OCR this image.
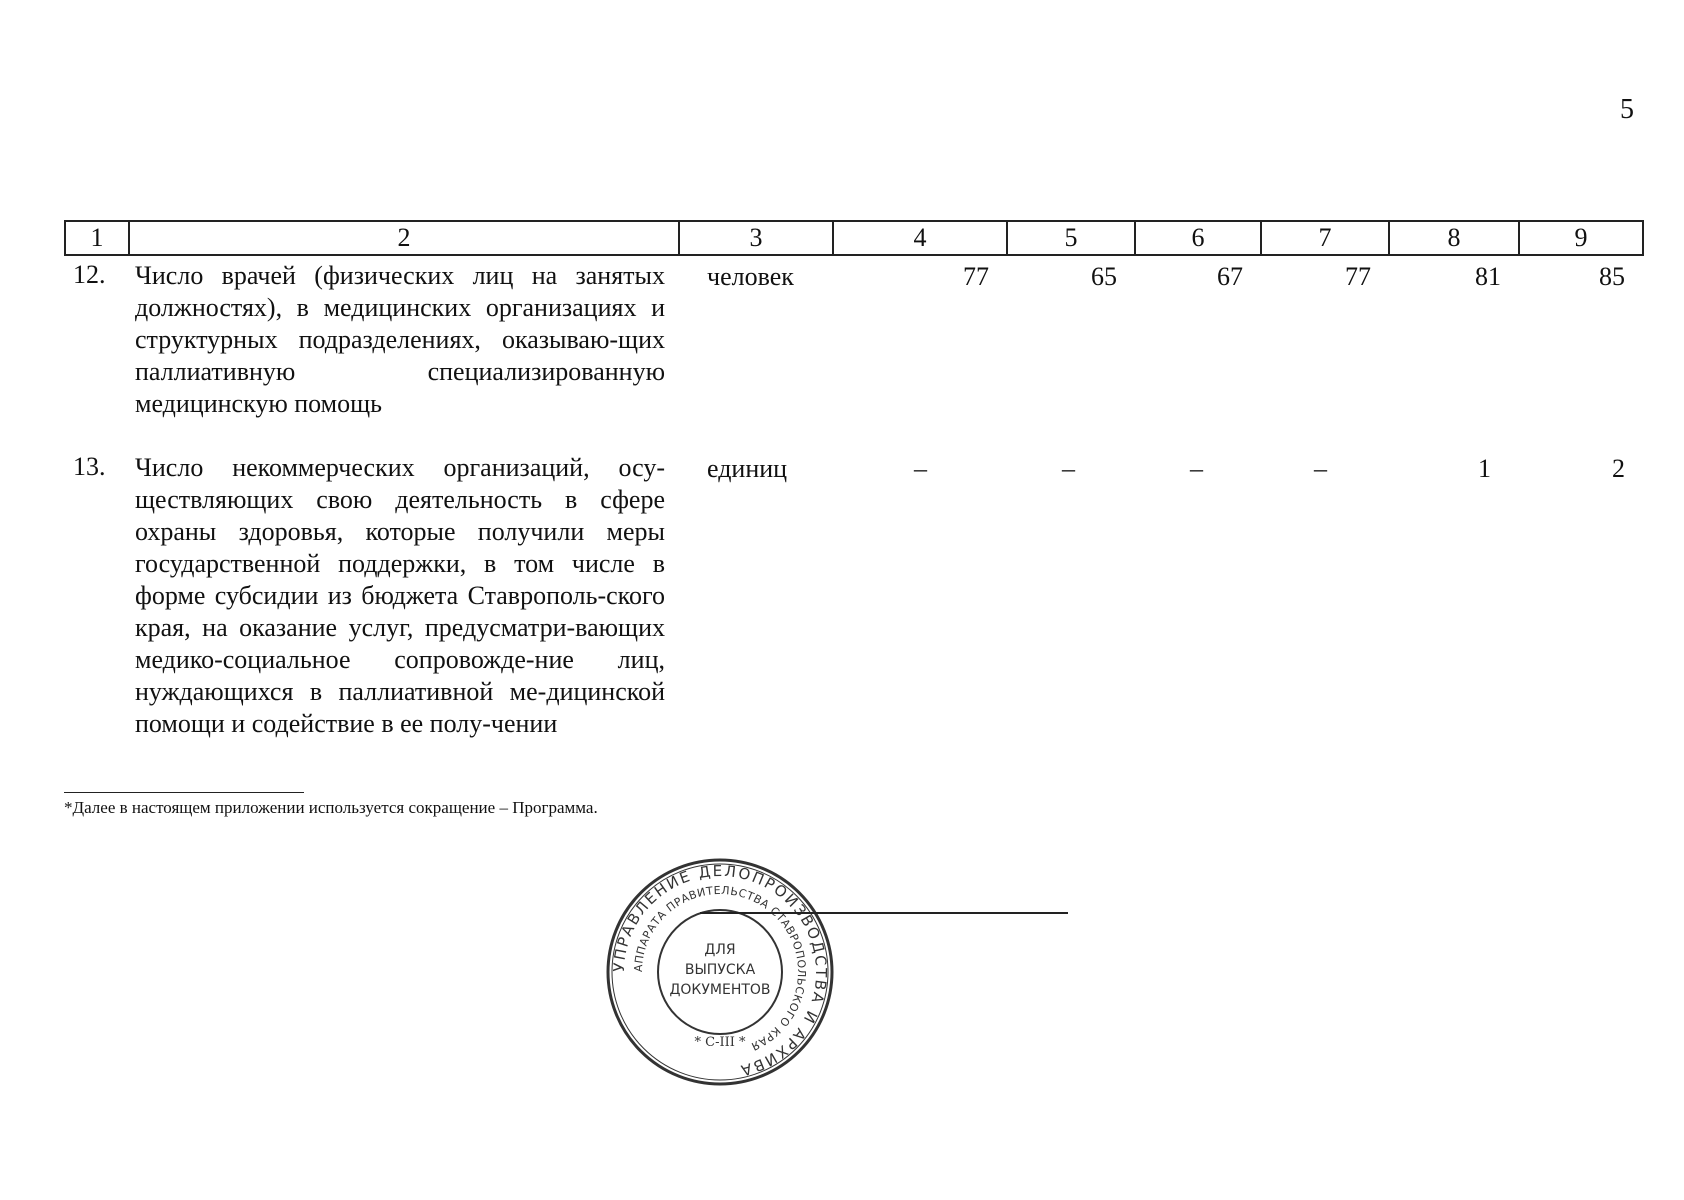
5
1	2	3	4	5	6	7	8	9
12.	Число врачей (физических лиц на занятых должностях), в медицинских организациях и структурных подразделениях, оказываю-щих паллиативную специализированную медицинскую помощь	человек	77	65	67	77	81	85
13.	Число некоммерческих организаций, осу-ществляющих свою деятельность в сфере охраны здоровья, которые получили меры государственной поддержки, в том числе в форме субсидии из бюджета Ставрополь-ского края, на оказание услуг, предусматри-вающих медико-социальное сопровожде-ние лиц, нуждающихся в паллиативной ме-дицинской помощи и содействие в ее полу-чении	единиц	–	–	–	–	1	2
*Далее в настоящем приложении используется сокращение – Программа.
УПРАВЛЕНИЕ ДЕЛОПРОИЗВОДСТВА И АРХИВА
АППАРАТА ПРАВИТЕЛЬСТВА СТАВРОПОЛЬСКОГО КРАЯ
ДЛЯ
ВЫПУСКА
ДОКУМЕНТОВ
* С-III *
